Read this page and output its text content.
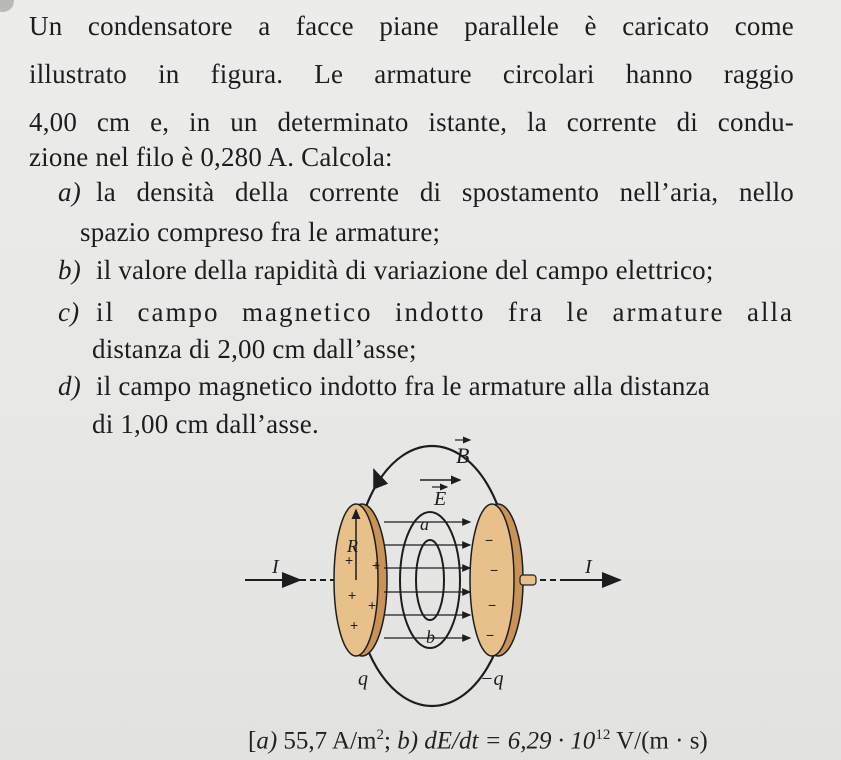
Un condensatore a facce piane parallele è caricato come
illustrato in figura. Le armature circolari hanno raggio
4,00 cm e, in un determinato istante, la corrente di condu-
zione nel filo è 0,280 A. Calcola:
a) la densità della corrente di spostamento nell’aria, nello
spazio compreso fra le armature;
b) il valore della rapidità di variazione del campo elettrico;
c) il campo magnetico indotto fra le armature alla
distanza di 2,00 cm dall’asse;
d) il campo magnetico indotto fra le armature alla distanza
di 1,00 cm dall’asse.
+ +
+
+
+
−
−
−
−
B
E
a
b
R
I	I
q	−q
[a) 55,7 $A/m^2$; b) $dE/dt = 6,29 \cdot 10^{12}$ V/(m · s)
